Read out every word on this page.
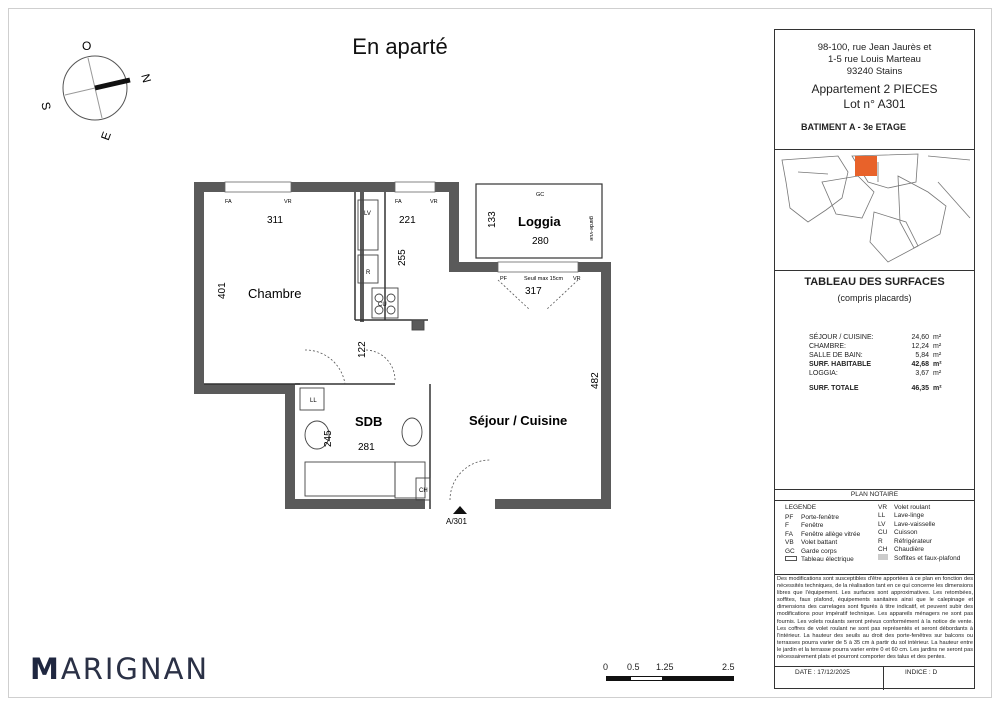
En aparté
O
N
S
E
Chambre
Loggia
SDB	Séjour / Cuisine
311	221
255
401
133
280
317
122
482
245
281
FA	VR	FA	VR
GC
PF	VR
Seuil max 15cm
LL
LV
R
CU
CH
garde-vue
A/301
98-100, rue Jean Jaurès et
1-5 rue Louis Marteau
93240 Stains
Appartement 2 PIECES
Lot n° A301
BATIMENT A - 3e ETAGE
TABLEAU DES SURFACES
(compris placards)
SÉJOUR / CUISINE:	24,60 m²
CHAMBRE:	12,24 m²
SALLE DE BAIN:	5,84 m²
SURF. HABITABLE	42,68 m²
LOGGIA:	3,67 m²
SURF. TOTALE	46,35 m²
PLAN NOTAIRE
LEGENDE
PF Porte-fenêtre
F Fenêtre
FA Fenêtre allège vitrée
VB Volet battant
GC Garde corps
Tableau électrique
VR Volet roulant
LL Lave-linge
LV Lave-vaisselle
CU Cuisson
R Réfrigérateur
CH Chaudière
Soffites et faux-plafond
Des modifications sont susceptibles d'être apportées à ce plan en fonction des nécessités techniques, de la réalisation tant en ce qui concerne les dimensions libres que l'équipement. Les surfaces sont approximatives. Les retombées, soffites, faux plafond, équipements sanitaires ainsi que le calepinage et dimensions des carrelages sont figurés à titre indicatif, et peuvent subir des modifications pour impératif technique. Les appareils ménagers ne sont pas fournis. Les volets roulants seront prévus conformément à la notice de vente. Les coffres de volet roulant ne sont pas représentés et seront débordants à l'intérieur. La hauteur des seuils au droit des porte-fenêtres sur balcons ou terrasses pourra varier de 5 à 35 cm à partir du sol intérieur. La hauteur entre le jardin et la terrasse pourra varier entre 0 et 60 cm. Les jardins ne seront pas nécessairement plats et pourront comporter des talus et des pentes.
DATE : 17/12/2025	INDICE : D
MARIGNAN	0 0.5 1.25	2.5
